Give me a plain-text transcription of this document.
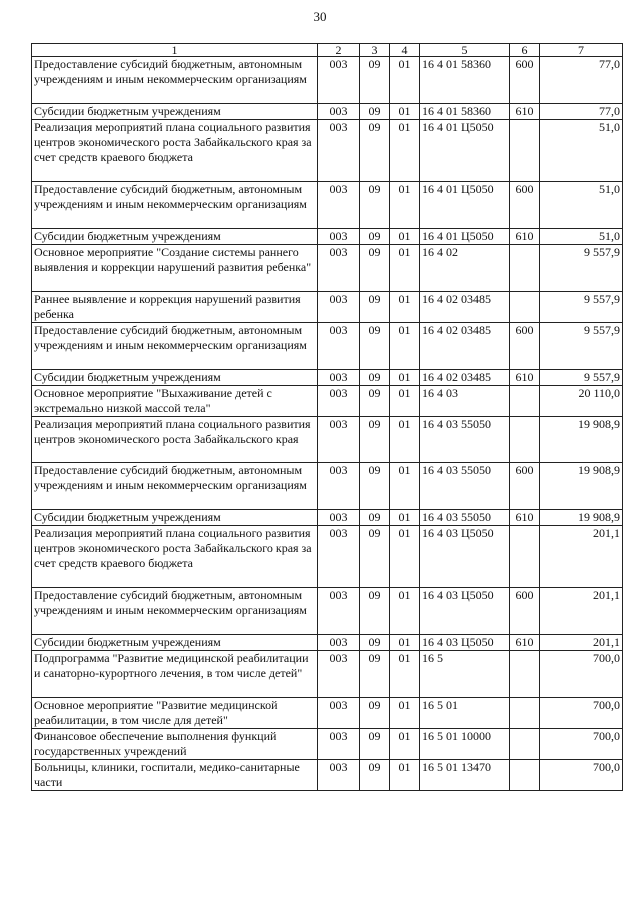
30
1	2	3	4	5	6	7
Предоставление субсидий бюджетным, автономным учреждениям и иным некоммерческим организациям	003	09	01	16 4 01 58360	600	77,0
Субсидии бюджетным учреждениям	003	09	01	16 4 01 58360	610	77,0
Реализация мероприятий плана социального развития центров экономического роста Забайкальского края за счет средств краевого бюджета	003	09	01	16 4 01 Ц5050		51,0
Предоставление субсидий бюджетным, автономным учреждениям и иным некоммерческим организациям	003	09	01	16 4 01 Ц5050	600	51,0
Субсидии бюджетным учреждениям	003	09	01	16 4 01 Ц5050	610	51,0
Основное мероприятие "Создание системы раннего выявления и коррекции нарушений развития ребенка"	003	09	01	16 4 02		9 557,9
Раннее выявление и коррекция нарушений развития ребенка	003	09	01	16 4 02 03485		9 557,9
Предоставление субсидий бюджетным, автономным учреждениям и иным некоммерческим организациям	003	09	01	16 4 02 03485	600	9 557,9
Субсидии бюджетным учреждениям	003	09	01	16 4 02 03485	610	9 557,9
Основное мероприятие "Выхаживание детей с экстремально низкой массой тела"	003	09	01	16 4 03		20 110,0
Реализация мероприятий плана социального развития центров экономического роста Забайкальского края	003	09	01	16 4 03 55050		19 908,9
Предоставление субсидий бюджетным, автономным учреждениям и иным некоммерческим организациям	003	09	01	16 4 03 55050	600	19 908,9
Субсидии бюджетным учреждениям	003	09	01	16 4 03 55050	610	19 908,9
Реализация мероприятий плана социального развития центров экономического роста Забайкальского края за счет средств краевого бюджета	003	09	01	16 4 03 Ц5050		201,1
Предоставление субсидий бюджетным, автономным учреждениям и иным некоммерческим организациям	003	09	01	16 4 03 Ц5050	600	201,1
Субсидии бюджетным учреждениям	003	09	01	16 4 03 Ц5050	610	201,1
Подпрограмма "Развитие медицинской реабилитации и санаторно-курортного лечения, в том числе детей"	003	09	01	16 5		700,0
Основное мероприятие "Развитие медицинской реабилитации, в том числе для детей"	003	09	01	16 5 01		700,0
Финансовое обеспечение выполнения функций государственных учреждений	003	09	01	16 5 01 10000		700,0
Больницы, клиники, госпитали, медико-санитарные части	003	09	01	16 5 01 13470		700,0
